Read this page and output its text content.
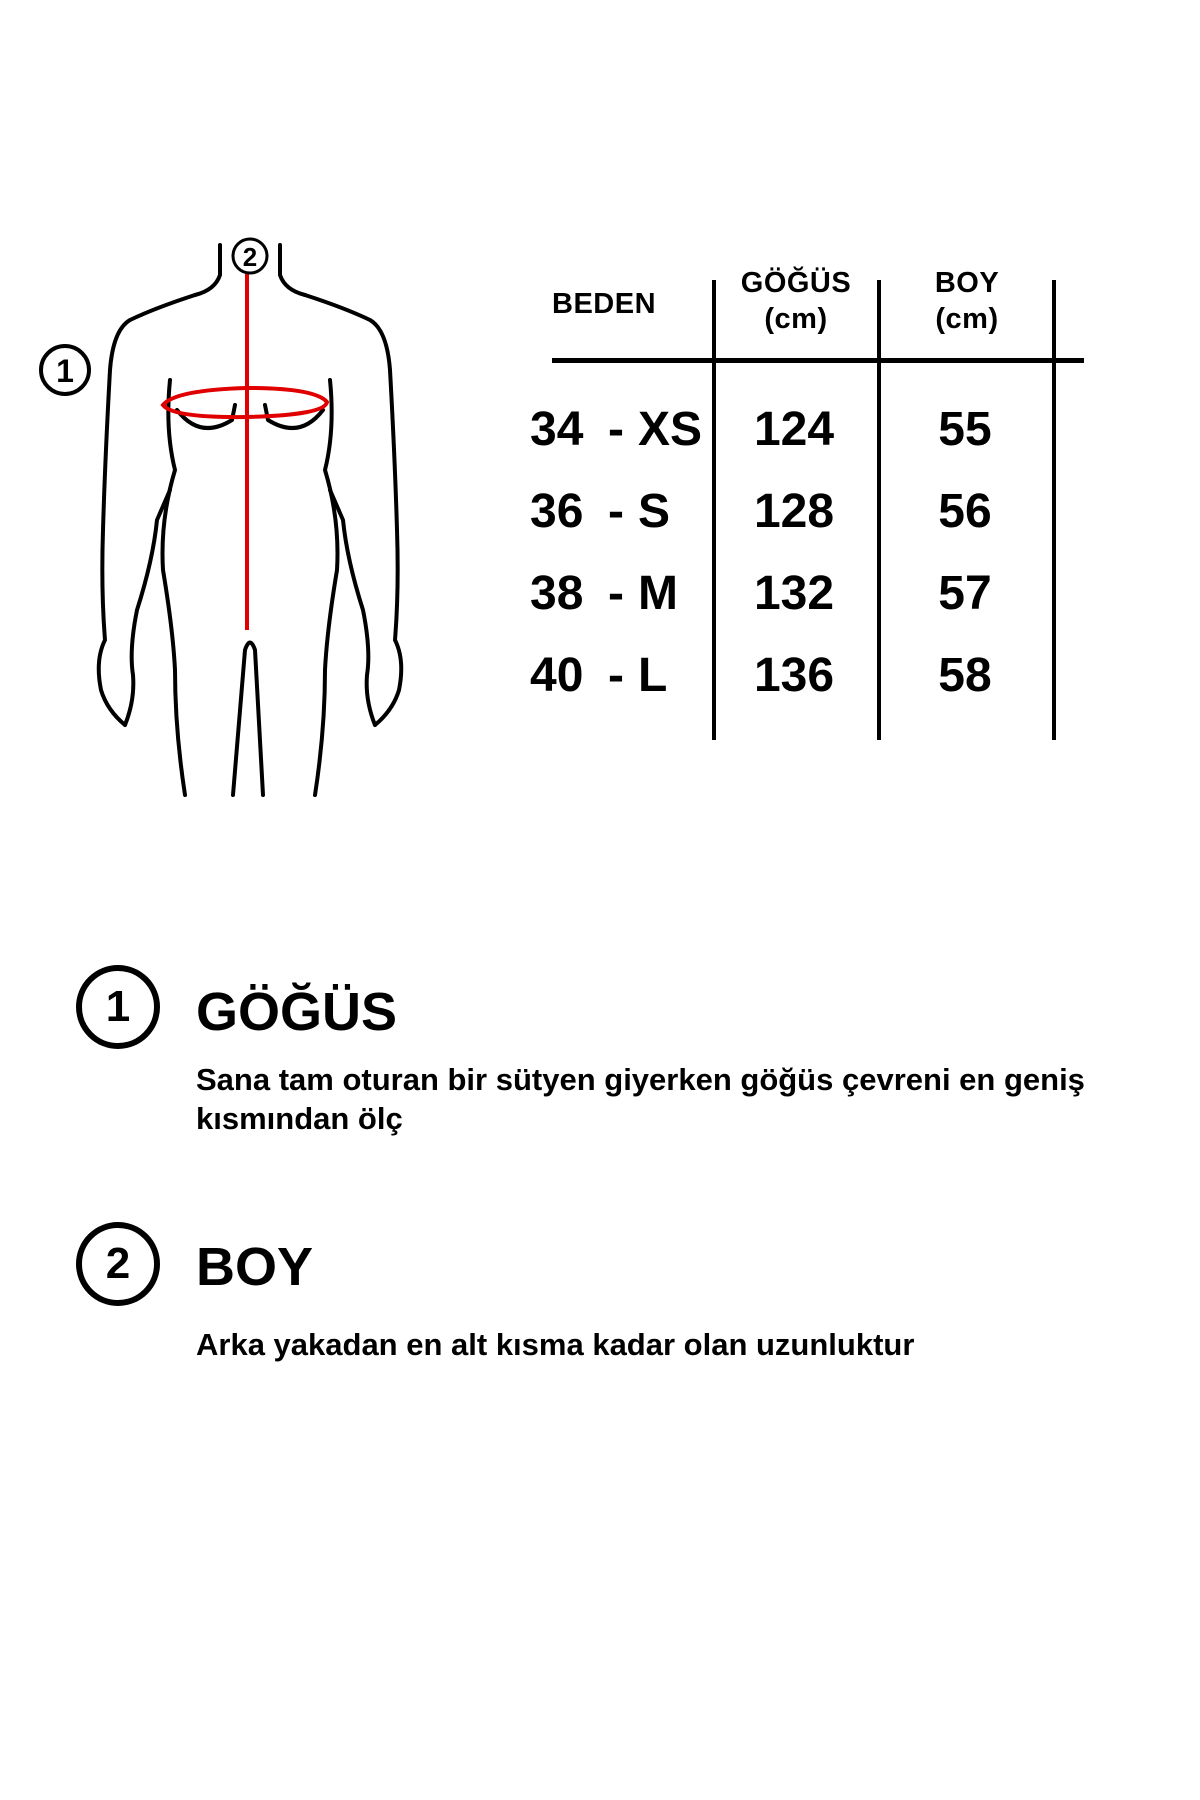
2
1
BEDEN
GÖĞÜS
(cm)
BOY
(cm)
34 - XS	124	55
36 - S	128	56
38 - M	132	57
40 - L	136	58
1	GÖĞÜS
Sana tam oturan bir sütyen giyerken göğüs çevreni en geniş kısmından ölç
2	BOY
Arka yakadan en alt kısma kadar olan uzunluktur
